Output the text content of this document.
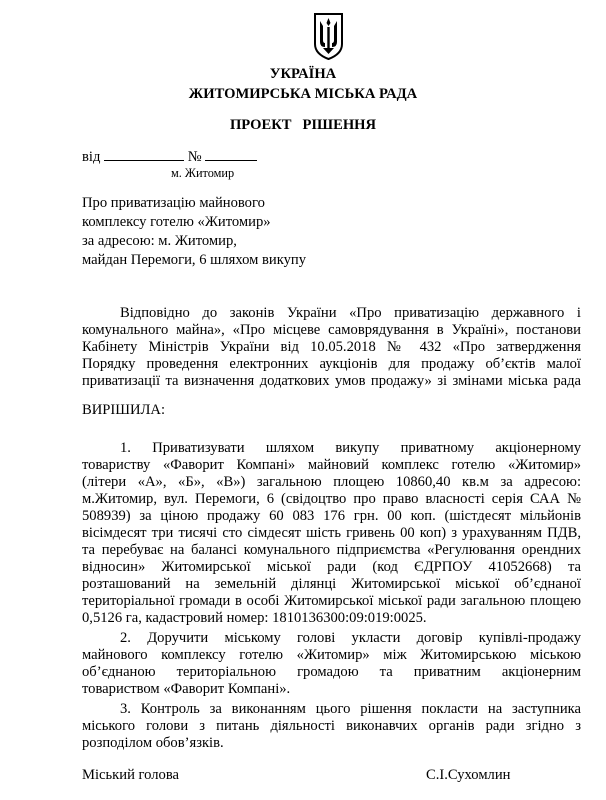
УКРАЇНА
ЖИТОМИРСЬКА МІСЬКА РАДА
ПРОЕКТ   РІШЕННЯ
від	№
м. Житомир
Про приватизацію майнового
комплексу готелю «Житомир»
за адресою: м. Житомир,
майдан Перемоги, 6 шляхом викупу
Відповідно до законів України «Про приватизацію державного і
комунального майна», «Про місцеве самоврядування в Україні», постанови
Кабінету Міністрів України від 10.05.2018 № 432 «Про затвердження
Порядку проведення електронних аукціонів для продажу об’єктів малої
приватизації та визначення додаткових умов продажу» зі змінами міська рада
ВИРІШИЛА:
1. Приватизувати шляхом викупу приватному акціонерному
товариству «Фаворит Компані» майновий комплекс готелю «Житомир»
(літери «А», «Б», «В») загальною площею 10860,40 кв.м за адресою:
м.Житомир, вул. Перемоги, 6 (свідоцтво про право власності серія САА №
508939) за ціною продажу 60 083 176 грн. 00 коп. (шістдесят мільйонів
вісімдесят три тисячі сто сімдесят шість гривень 00 коп) з урахуванням ПДВ,
та перебуває на балансі комунального підприємства «Регулювання орендних
відносин» Житомирської міської ради (код ЄДРПОУ 41052668) та
розташований на земельній ділянці Житомирської міської об’єднаної
територіальної громади в особі Житомирської міської ради загальною площею
0,5126 га, кадастровий номер: 1810136300:09:019:0025.
2. Доручити міському голові укласти договір купівлі-продажу
майнового комплексу готелю «Житомир» між Житомирською міською
об’єднаною територіальною громадою та приватним акціонерним
товариством «Фаворит Компані».
3. Контроль за виконанням цього рішення покласти на заступника
міського голови з питань діяльності виконавчих органів ради згідно з
розподілом обов’язків.
Міський голова	С.І.Сухомлин
